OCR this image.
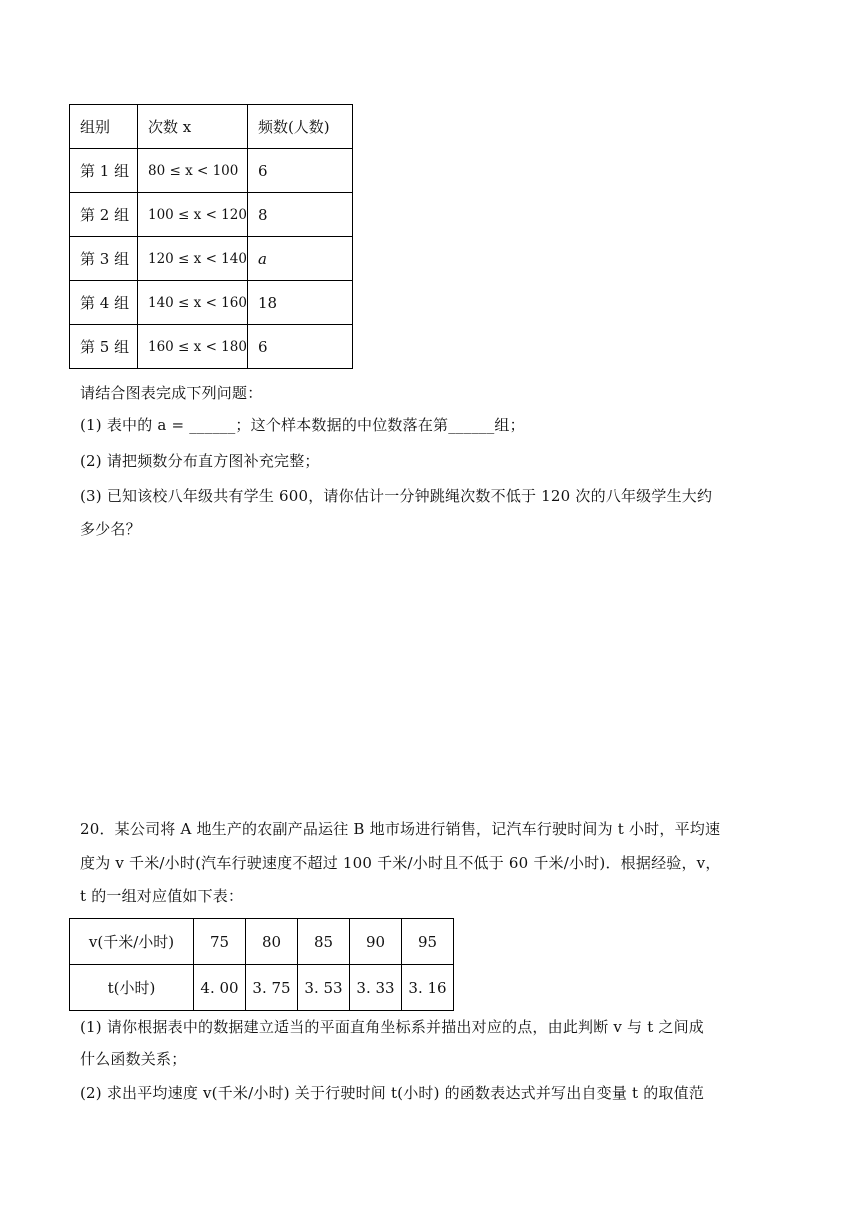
组别	次数 x	频数(人数)
第 1 组	80 ≤ x < 100	6
第 2 组	100 ≤ x < 120	8
第 3 组	120 ≤ x < 140	a
第 4 组	140 ≤ x < 160	18
第 5 组	160 ≤ x < 180	6
请结合图表完成下列问题：
(1) 表中的 a = ______；这个样本数据的中位数落在第______组；
(2) 请把频数分布直方图补充完整；
(3) 已知该校八年级共有学生 600，请你估计一分钟跳绳次数不低于 120 次的八年级学生大约
多少名？
20．某公司将 A 地生产的农副产品运往 B 地市场进行销售，记汽车行驶时间为 t 小时，平均速
度为 v 千米/小时(汽车行驶速度不超过 100 千米/小时且不低于 60 千米/小时)．根据经验，v，
t 的一组对应值如下表：
v(千米/小时)	75	80	85	90	95
t(小时)	4. 00	3. 75	3. 53	3. 33	3. 16
(1) 请你根据表中的数据建立适当的平面直角坐标系并描出对应的点，由此判断 v 与 t 之间成
什么函数关系；
(2) 求出平均速度 v(千米/小时) 关于行驶时间 t(小时) 的函数表达式并写出自变量 t 的取值范
